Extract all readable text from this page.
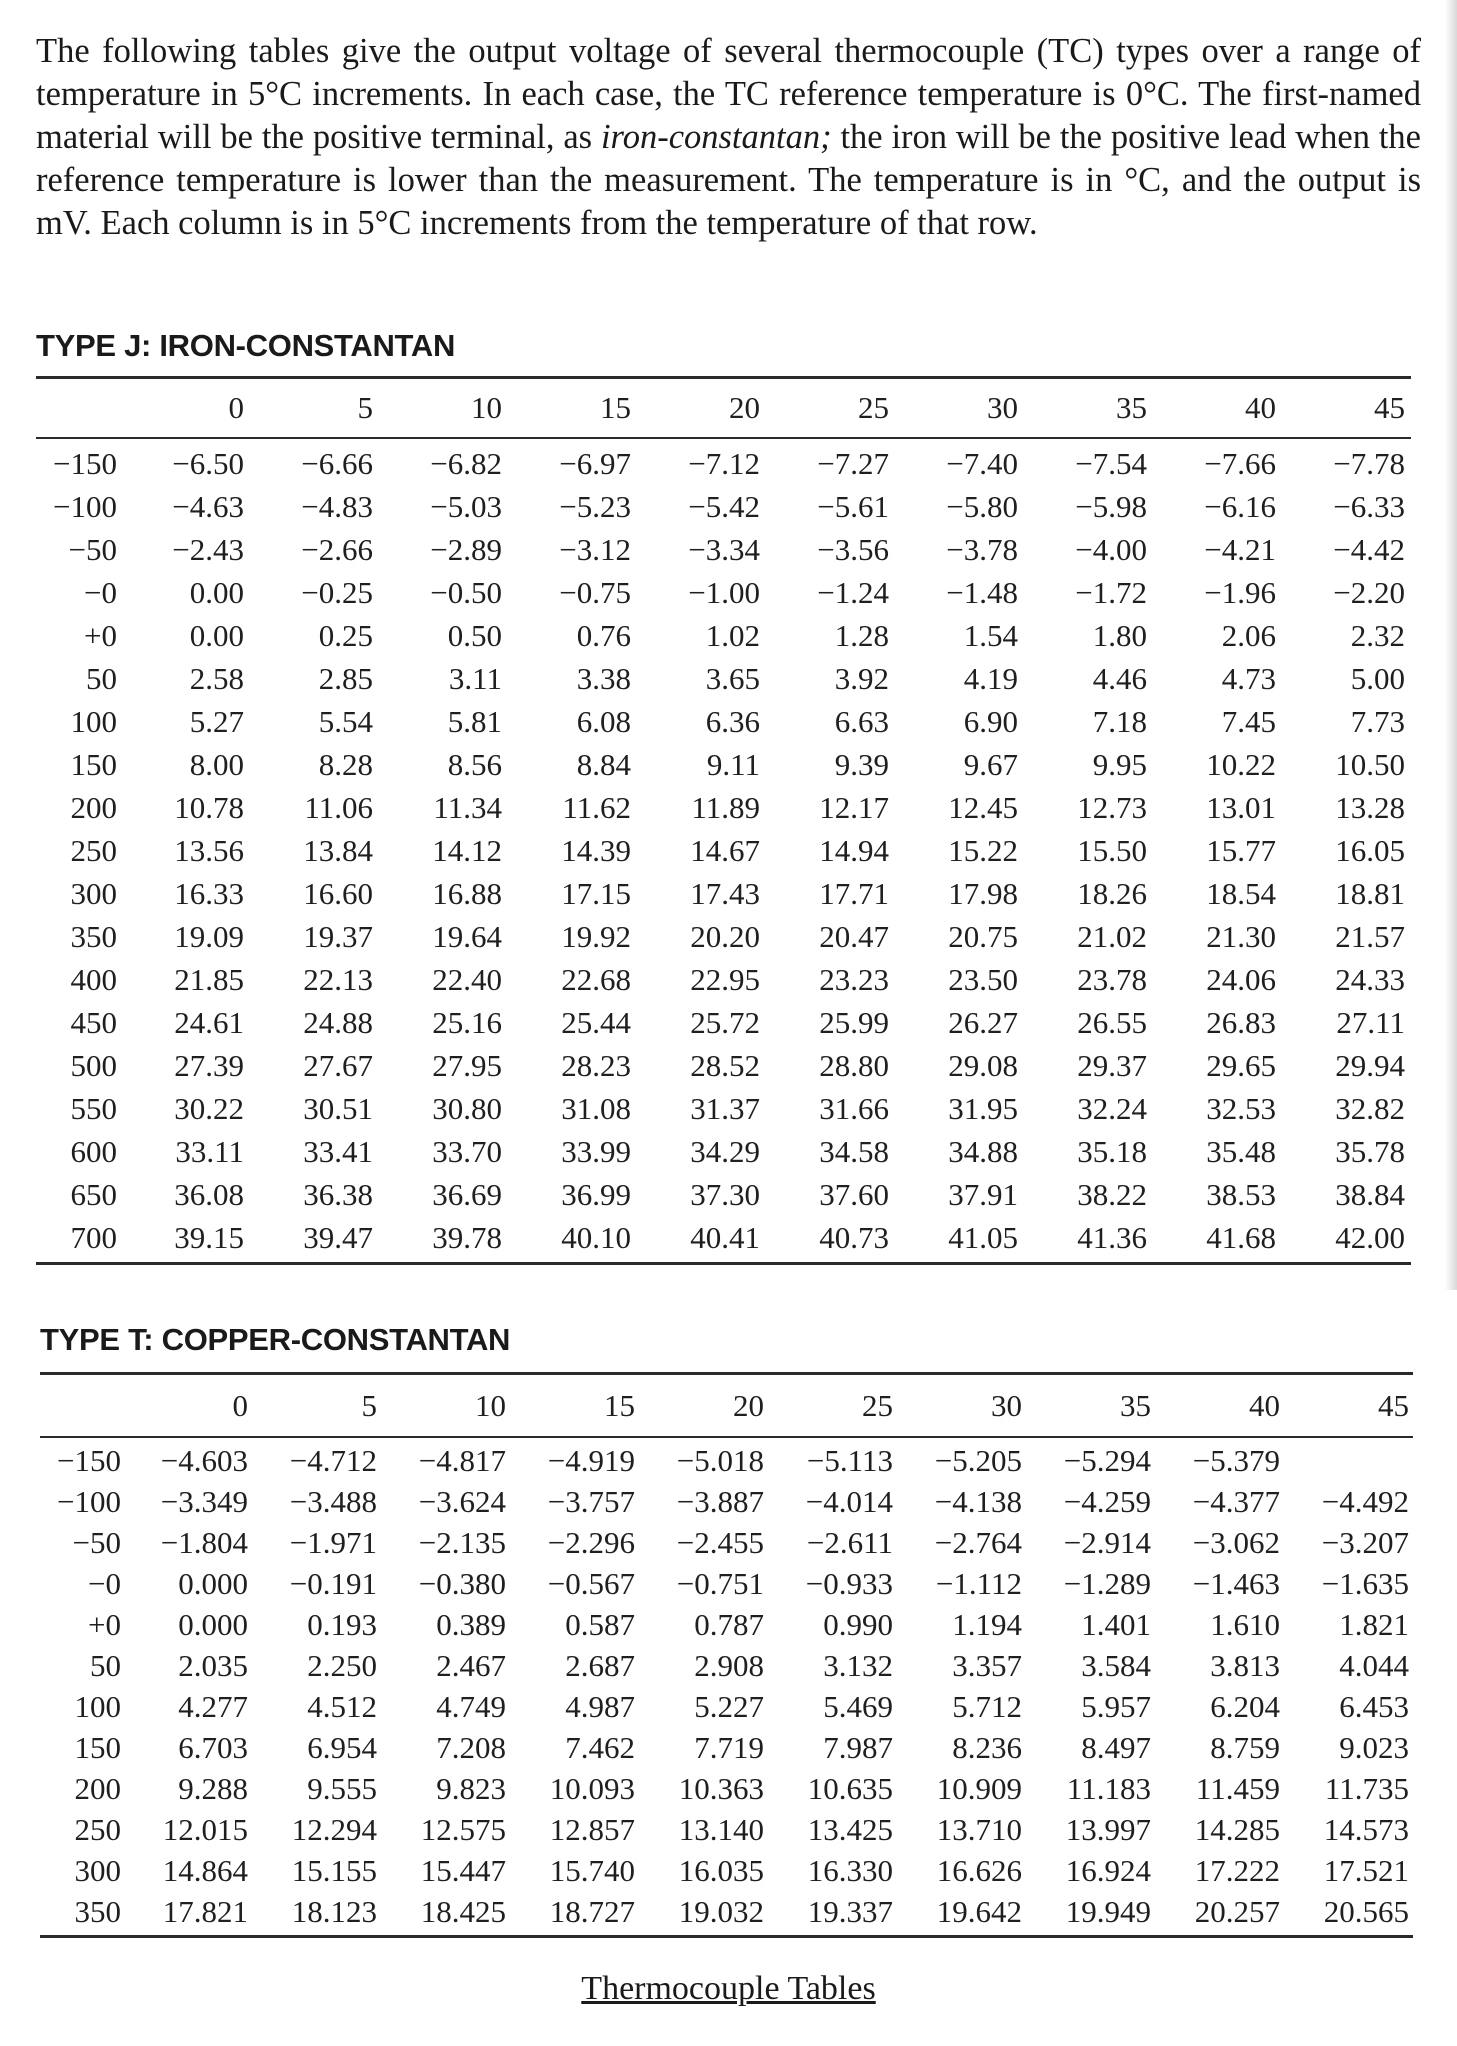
The following tables give the output voltage of several thermocouple (TC) types over a range of temperature in 5°C increments. In each case, the TC reference temperature is 0°C. The first-named material will be the positive terminal, as iron-constantan; the iron will be the positive lead when the reference temperature is lower than the measurement. The temperature is in °C, and the output is mV. Each column is in 5°C increments from the temperature of that row.

TYPE J: IRON-CONSTANTAN
	0	5	10	15	20	25	30	35	40	45

−150	−6.50	−6.66	−6.82	−6.97	−7.12	−7.27	−7.40	−7.54	−7.66	−7.78
−100	−4.63	−4.83	−5.03	−5.23	−5.42	−5.61	−5.80	−5.98	−6.16	−6.33
−50	−2.43	−2.66	−2.89	−3.12	−3.34	−3.56	−3.78	−4.00	−4.21	−4.42
−0	0.00	−0.25	−0.50	−0.75	−1.00	−1.24	−1.48	−1.72	−1.96	−2.20
+0	0.00	0.25	0.50	0.76	1.02	1.28	1.54	1.80	2.06	2.32
50	2.58	2.85	3.11	3.38	3.65	3.92	4.19	4.46	4.73	5.00
100	5.27	5.54	5.81	6.08	6.36	6.63	6.90	7.18	7.45	7.73
150	8.00	8.28	8.56	8.84	9.11	9.39	9.67	9.95	10.22	10.50
200	10.78	11.06	11.34	11.62	11.89	12.17	12.45	12.73	13.01	13.28
250	13.56	13.84	14.12	14.39	14.67	14.94	15.22	15.50	15.77	16.05
300	16.33	16.60	16.88	17.15	17.43	17.71	17.98	18.26	18.54	18.81
350	19.09	19.37	19.64	19.92	20.20	20.47	20.75	21.02	21.30	21.57
400	21.85	22.13	22.40	22.68	22.95	23.23	23.50	23.78	24.06	24.33
450	24.61	24.88	25.16	25.44	25.72	25.99	26.27	26.55	26.83	27.11
500	27.39	27.67	27.95	28.23	28.52	28.80	29.08	29.37	29.65	29.94
550	30.22	30.51	30.80	31.08	31.37	31.66	31.95	32.24	32.53	32.82
600	33.11	33.41	33.70	33.99	34.29	34.58	34.88	35.18	35.48	35.78
650	36.08	36.38	36.69	36.99	37.30	37.60	37.91	38.22	38.53	38.84
700	39.15	39.47	39.78	40.10	40.41	40.73	41.05	41.36	41.68	42.00
TYPE T: COPPER-CONSTANTAN
	0	5	10	15	20	25	30	35	40	45

−150	−4.603	−4.712	−4.817	−4.919	−5.018	−5.113	−5.205	−5.294	−5.379	
−100	−3.349	−3.488	−3.624	−3.757	−3.887	−4.014	−4.138	−4.259	−4.377	−4.492
−50	−1.804	−1.971	−2.135	−2.296	−2.455	−2.611	−2.764	−2.914	−3.062	−3.207
−0	0.000	−0.191	−0.380	−0.567	−0.751	−0.933	−1.112	−1.289	−1.463	−1.635
+0	0.000	0.193	0.389	0.587	0.787	0.990	1.194	1.401	1.610	1.821
50	2.035	2.250	2.467	2.687	2.908	3.132	3.357	3.584	3.813	4.044
100	4.277	4.512	4.749	4.987	5.227	5.469	5.712	5.957	6.204	6.453
150	6.703	6.954	7.208	7.462	7.719	7.987	8.236	8.497	8.759	9.023
200	9.288	9.555	9.823	10.093	10.363	10.635	10.909	11.183	11.459	11.735
250	12.015	12.294	12.575	12.857	13.140	13.425	13.710	13.997	14.285	14.573
300	14.864	15.155	15.447	15.740	16.035	16.330	16.626	16.924	17.222	17.521
350	17.821	18.123	18.425	18.727	19.032	19.337	19.642	19.949	20.257	20.565
Thermocouple Tables
